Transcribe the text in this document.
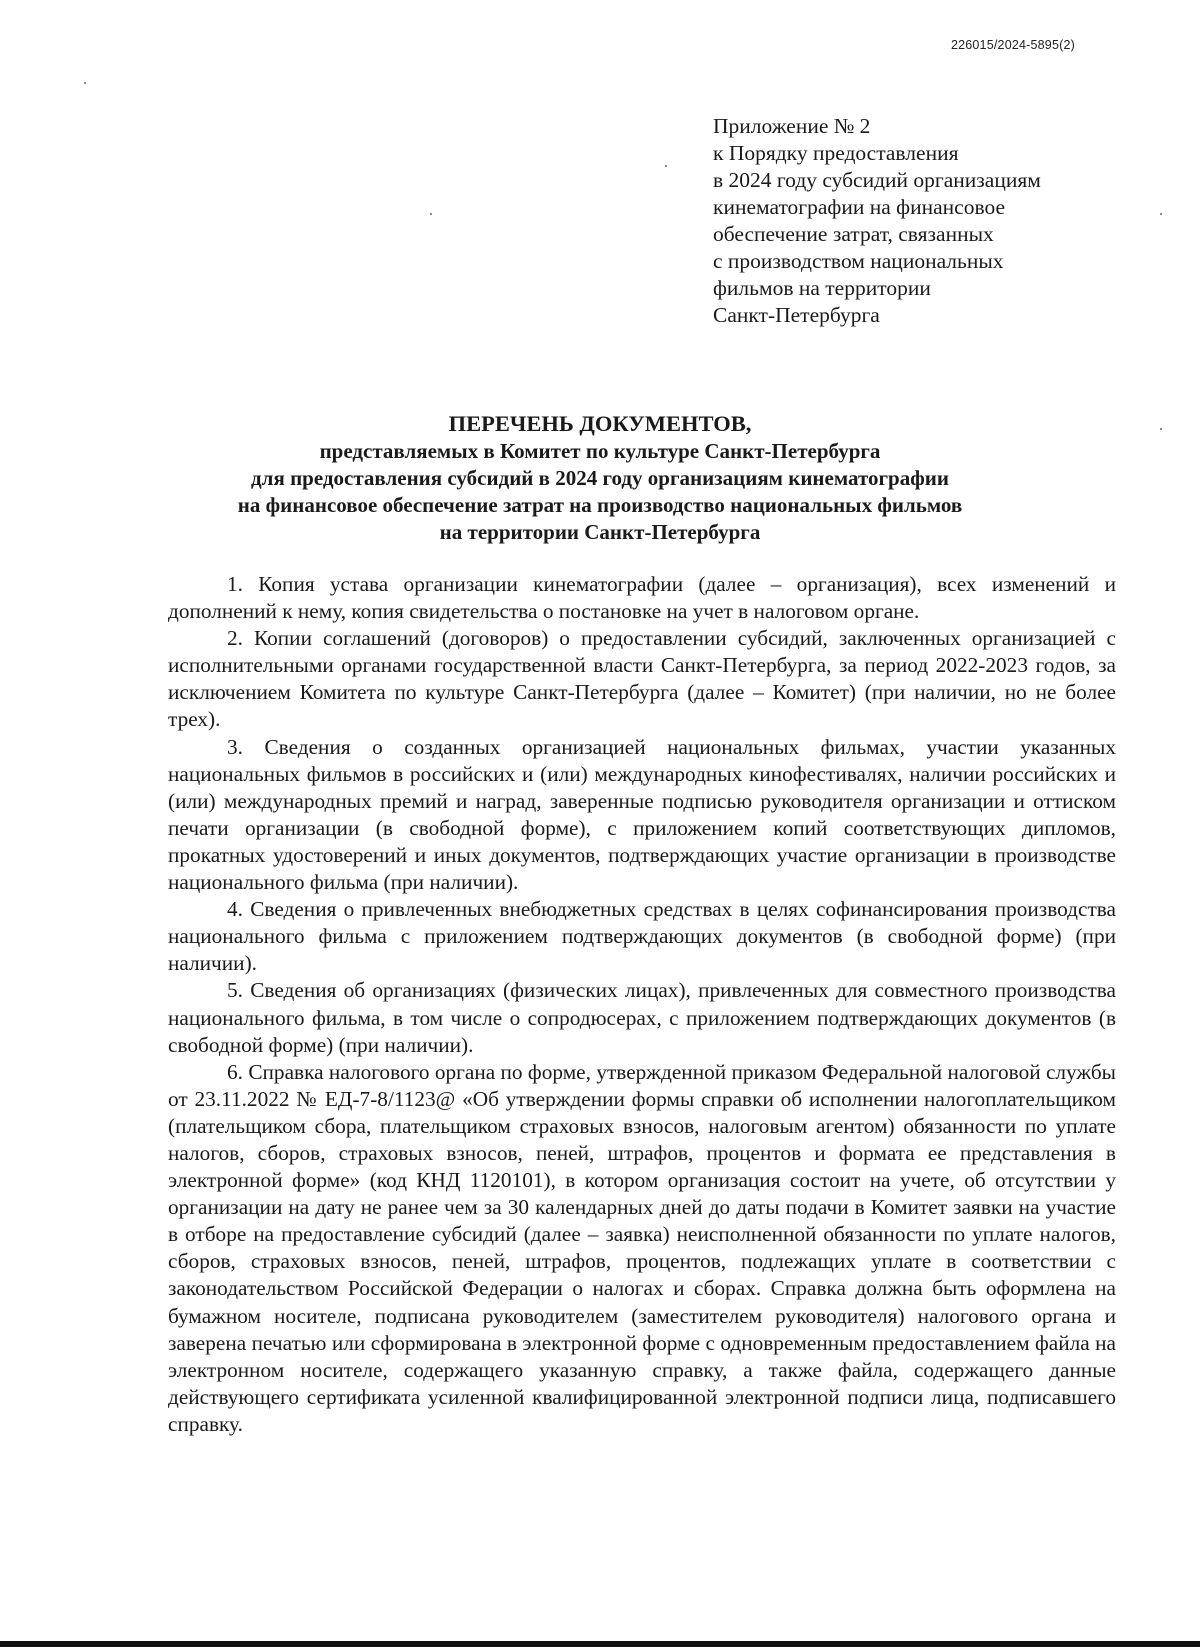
226015/2024-5895(2)
Приложение № 2
к Порядку предоставления
в 2024 году субсидий организациям
кинематографии на финансовое
обеспечение затрат, связанных
с производством национальных
фильмов на территории
Санкт-Петербурга
ПЕРЕЧЕНЬ ДОКУМЕНТОВ,
представляемых в Комитет по культуре Санкт-Петербурга
для предоставления субсидий в 2024 году организациям кинематографии
на финансовое обеспечение затрат на производство национальных фильмов
на территории Санкт-Петербурга

1. Копия устава организации кинематографии (далее – организация), всех изменений и дополнений к нему, копия свидетельства о постановке на учет в налоговом органе.

2. Копии соглашений (договоров) о предоставлении субсидий, заключенных организацией с исполнительными органами государственной власти Санкт-Петербурга, за период 2022-2023 годов, за исключением Комитета по культуре Санкт-Петербурга (далее – Комитет) (при наличии, но не более трех).

3. Сведения о созданных организацией национальных фильмах, участии указанных национальных фильмов в российских и (или) международных кинофестивалях, наличии российских и (или) международных премий и наград, заверенные подписью руководителя организации и оттиском печати организации (в свободной форме), с приложением копий соответствующих дипломов, прокатных удостоверений и иных документов, подтверждающих участие организации в производстве национального фильма (при наличии).

4. Сведения о привлеченных внебюджетных средствах в целях софинансирования производства национального фильма с приложением подтверждающих документов (в свободной форме) (при наличии).

5. Сведения об организациях (физических лицах), привлеченных для совместного производства национального фильма, в том числе о сопродюсерах, с приложением подтверждающих документов (в свободной форме) (при наличии).

6. Справка налогового органа по форме, утвержденной приказом Федеральной налоговой службы от 23.11.2022 № ЕД-7-8/1123@ «Об утверждении формы справки об исполнении налогоплательщиком (плательщиком сбора, плательщиком страховых взносов, налоговым агентом) обязанности по уплате налогов, сборов, страховых взносов, пеней, штрафов, процентов и формата ее представления в электронной форме» (код КНД 1120101), в котором организация состоит на учете, об отсутствии у организации на дату не ранее чем за 30 календарных дней до даты подачи в Комитет заявки на участие в отборе на предоставление субсидий (далее – заявка) неисполненной обязанности по уплате налогов, сборов, страховых взносов, пеней, штрафов, процентов, подлежащих уплате в соответствии с законодательством Российской Федерации о налогах и сборах. Справка должна быть оформлена на бумажном носителе, подписана руководителем (заместителем руководителя) налогового органа и заверена печатью или сформирована в электронной форме с одновременным предоставлением файла на электронном носителе, содержащего указанную справку, а также файла, содержащего данные действующего сертификата усиленной квалифицированной электронной подписи лица, подписавшего справку.
